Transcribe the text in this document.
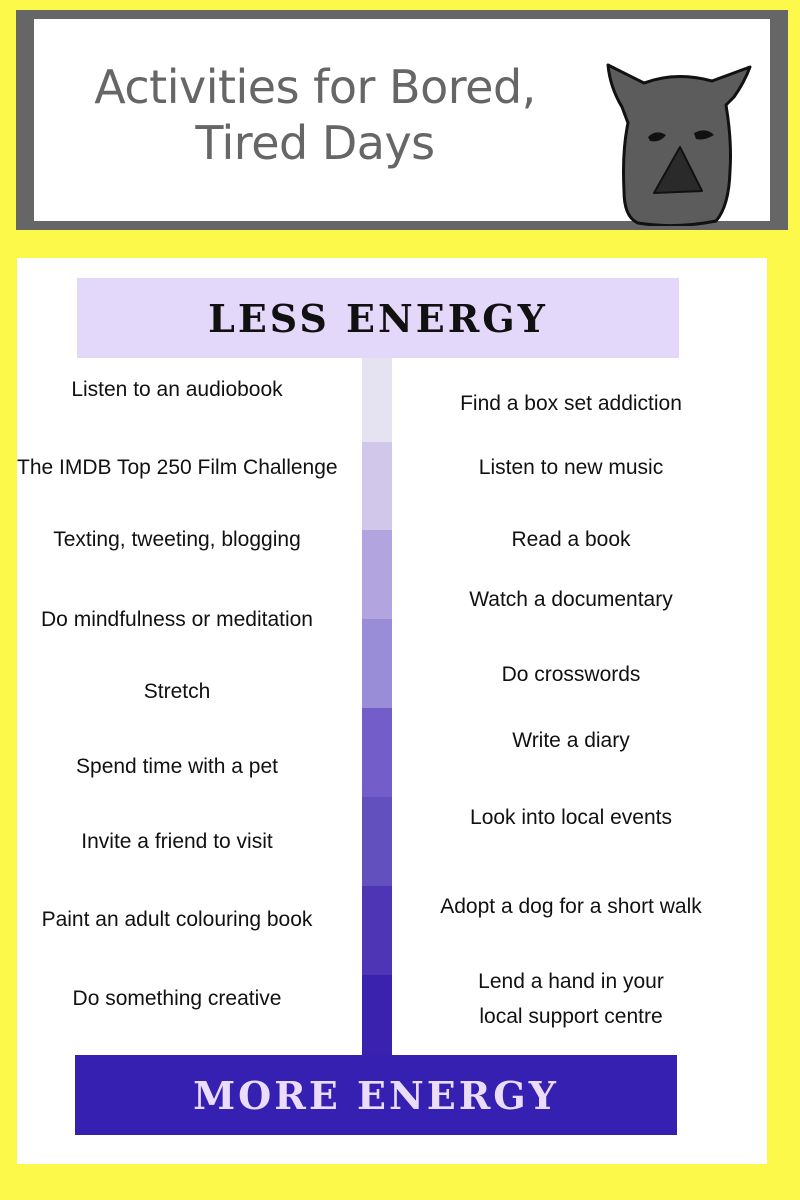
Activities for Bored,
Tired Days
LESS ENERGY
MORE ENERGY
Listen to an audiobook
The IMDB Top 250 Film Challenge
Texting, tweeting, blogging
Do mindfulness or meditation
Stretch
Spend time with a pet
Invite a friend to visit
Paint an adult colouring book
Do something creative
Find a box set addiction
Listen to new music
Read a book
Watch a documentary
Do crosswords
Write a diary
Look into local events
Adopt a dog for a short walk
Lend a hand in your
local support centre
